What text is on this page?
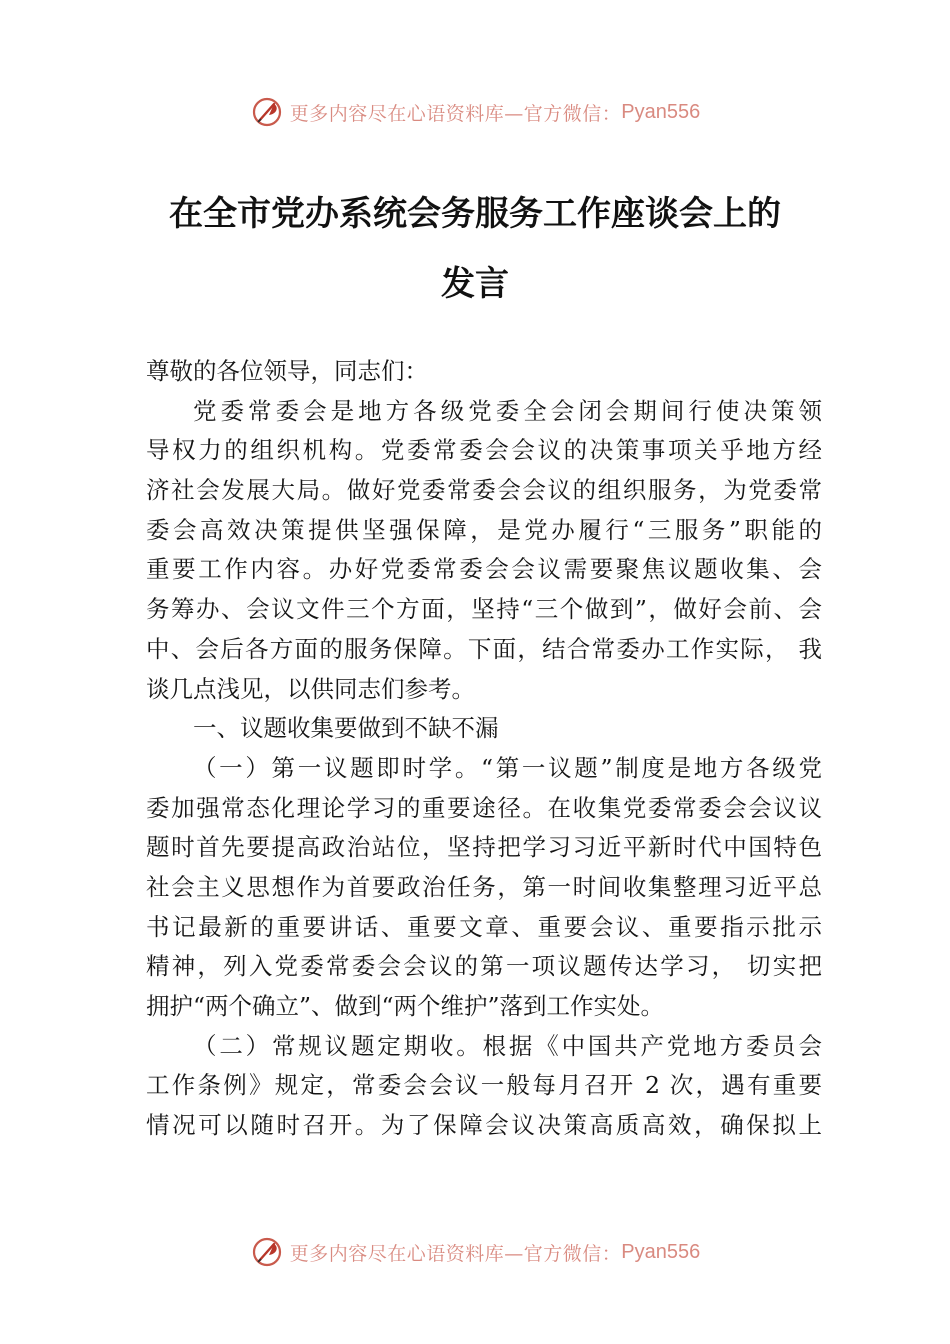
更多内容尽在心语资料库—官方微信： Pyan556
在全市党办系统会务服务工作座谈会上的
发言
尊敬的各位领导，同志们：
党委常委会是地方各级党委全会闭会期间行使决策领
导权力的组织机构。党委常委会会议的决策事项关乎地方经
济社会发展大局。做好党委常委会会议的组织服务，为党委常
委会高效决策提供坚强保障，是党办履行“三服务”职能的
重要工作内容。办好党委常委会会议需要聚焦议题收集、会
务筹办、会议文件三个方面，坚持“三个做到”，做好会前、会
中、会后各方面的服务保障。下面，结合常委办工作实际， 我
谈几点浅见，以供同志们参考。
一、议题收集要做到不缺不漏
（一）第一议题即时学。“第一议题”制度是地方各级党
委加强常态化理论学习的重要途径。在收集党委常委会会议议
题时首先要提高政治站位，坚持把学习习近平新时代中国特色
社会主义思想作为首要政治任务，第一时间收集整理习近平总
书记最新的重要讲话、重要文章、重要会议、重要指示批示
精神，列入党委常委会会议的第一项议题传达学习， 切实把
拥护“两个确立”、做到“两个维护”落到工作实处。
（二）常规议题定期收。根据《中国共产党地方委员会
工作条例》规定，常委会会议一般每月召开 2 次，遇有重要
情况可以随时召开。为了保障会议决策高质高效，确保拟上
更多内容尽在心语资料库—官方微信： Pyan556
